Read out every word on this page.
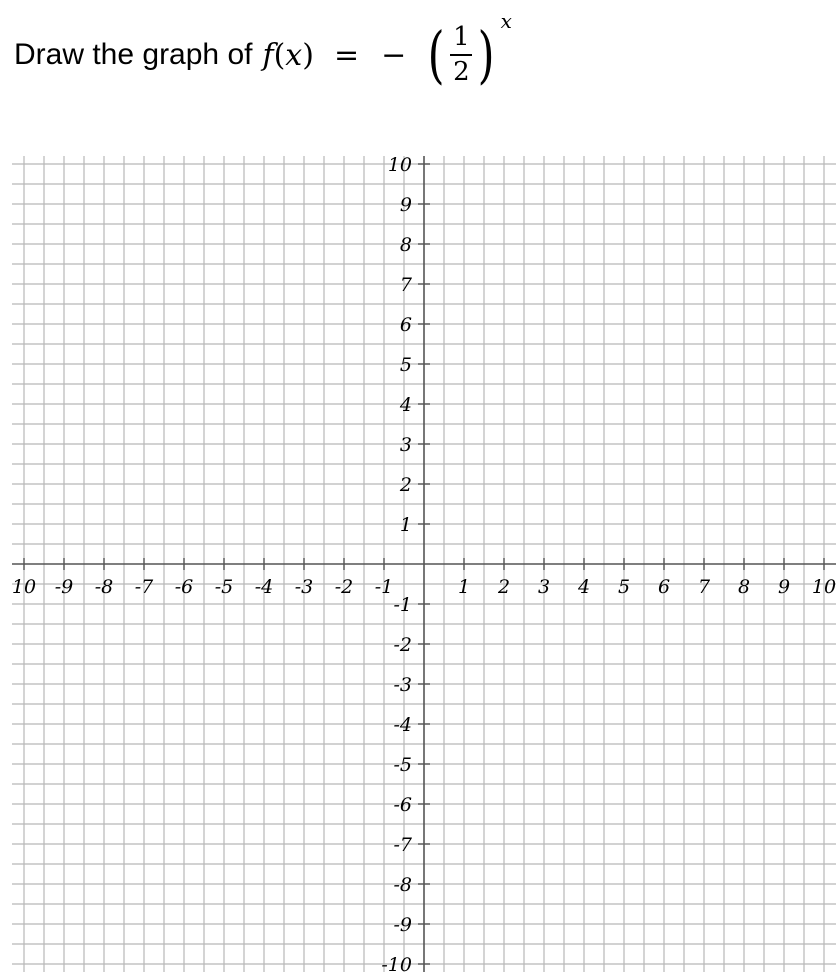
Draw the graph of f ( x ) = − ( $\frac{1}{2}$ ) x
10 -9 -8 -7 -6 -5 -4 -3 -2 -1	1 2 3 4 5 6 7 8 9 10
10
9
8
7
6
5
4
3
2
1
-1
-2
-3
-4
-5
-6
-7
-8
-9
-10
